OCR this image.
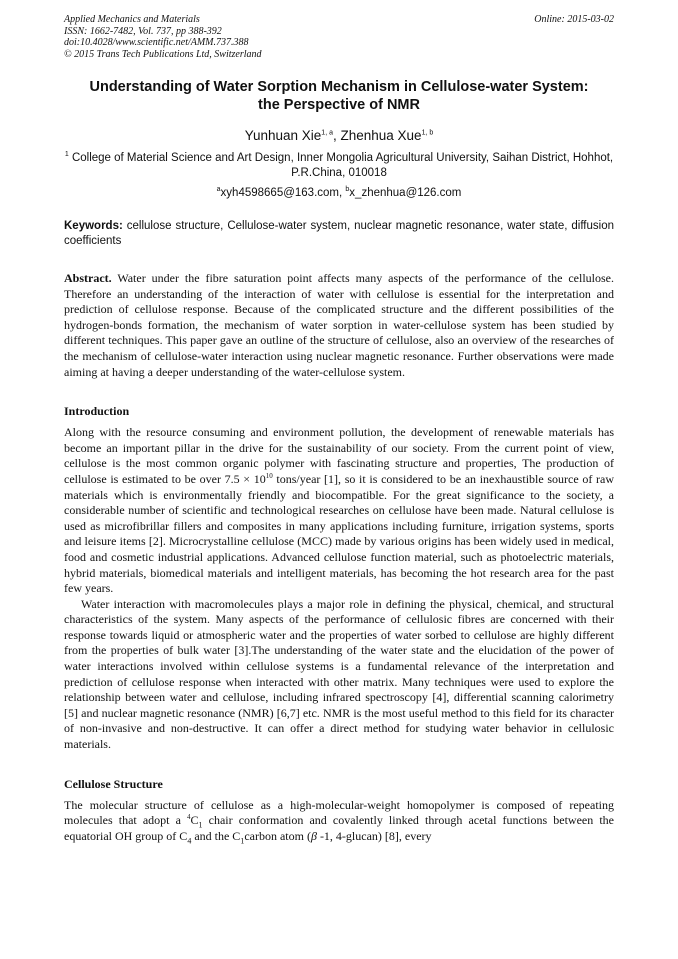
Applied Mechanics and Materials
ISSN: 1662-7482, Vol. 737, pp 388-392
doi:10.4028/www.scientific.net/AMM.737.388
© 2015 Trans Tech Publications Ltd, Switzerland
Online: 2015-03-02
Understanding of Water Sorption Mechanism in Cellulose-water System:
the Perspective of NMR
Yunhuan Xie$^{1, a}$, Zhenhua Xue$^{1, b}$
$^1$ College of Material Science and Art Design, Inner Mongolia Agricultural University, Saihan District, Hohhot, P.R.China, 010018
$^a$xyh4598665@163.com, $^b$x_zhenhua@126.com
Keywords: cellulose structure, Cellulose-water system, nuclear magnetic resonance, water state, diffusion coefficients

Abstract. Water under the fibre saturation point affects many aspects of the performance of the cellulose. Therefore an understanding of the interaction of water with cellulose is essential for the interpretation and prediction of cellulose response. Because of the complicated structure and the different possibilities of the hydrogen-bonds formation, the mechanism of water sorption in water-cellulose system has been studied by different techniques. This paper gave an outline of the structure of cellulose, also an overview of the researches of the mechanism of cellulose-water interaction using nuclear magnetic resonance. Further observations were made aiming at having a deeper understanding of the water-cellulose system.

Introduction

Along with the resource consuming and environment pollution, the development of renewable materials has become an important pillar in the drive for the sustainability of our society. From the current point of view, cellulose is the most common organic polymer with fascinating structure and properties, The production of cellulose is estimated to be over $7.5 \times 10^{10}$ tons/year [1], so it is considered to be an inexhaustible source of raw materials which is environmentally friendly and biocompatible. For the great significance to the society, a considerable number of scientific and technological researches on cellulose have been made. Natural cellulose is used as microfibrillar fillers and composites in many applications including furniture, irrigation systems, sports and leisure items [2]. Microcrystalline cellulose (MCC) made by various origins has been widely used in medical, food and cosmetic industrial applications. Advanced cellulose function material, such as photoelectric materials, hybrid materials, biomedical materials and intelligent materials, has becoming the hot research area for the past few years.

Water interaction with macromolecules plays a major role in defining the physical, chemical, and structural characteristics of the system. Many aspects of the performance of cellulosic fibres are concerned with their response towards liquid or atmospheric water and the properties of water sorbed to cellulose are highly different from the properties of bulk water [3].The understanding of the water state and the elucidation of the power of water interactions involved within cellulose systems is a fundamental relevance of the interpretation and prediction of cellulose response when interacted with other matrix. Many techniques were used to explore the relationship between water and cellulose, including infrared spectroscopy [4], differential scanning calorimetry [5] and nuclear magnetic resonance (NMR) [6,7] etc. NMR is the most useful method to this field for its character of non-invasive and non-destructive. It can offer a direct method for studying water behavior in cellulosic materials.

Cellulose Structure

The molecular structure of cellulose as a high-molecular-weight homopolymer is composed of repeating molecules that adopt a $^4C_1$ chair conformation and covalently linked through acetal functions between the equatorial OH group of $C_4$ and the $C_1carbon$ atom (β -1, 4-glucan) [8], every
